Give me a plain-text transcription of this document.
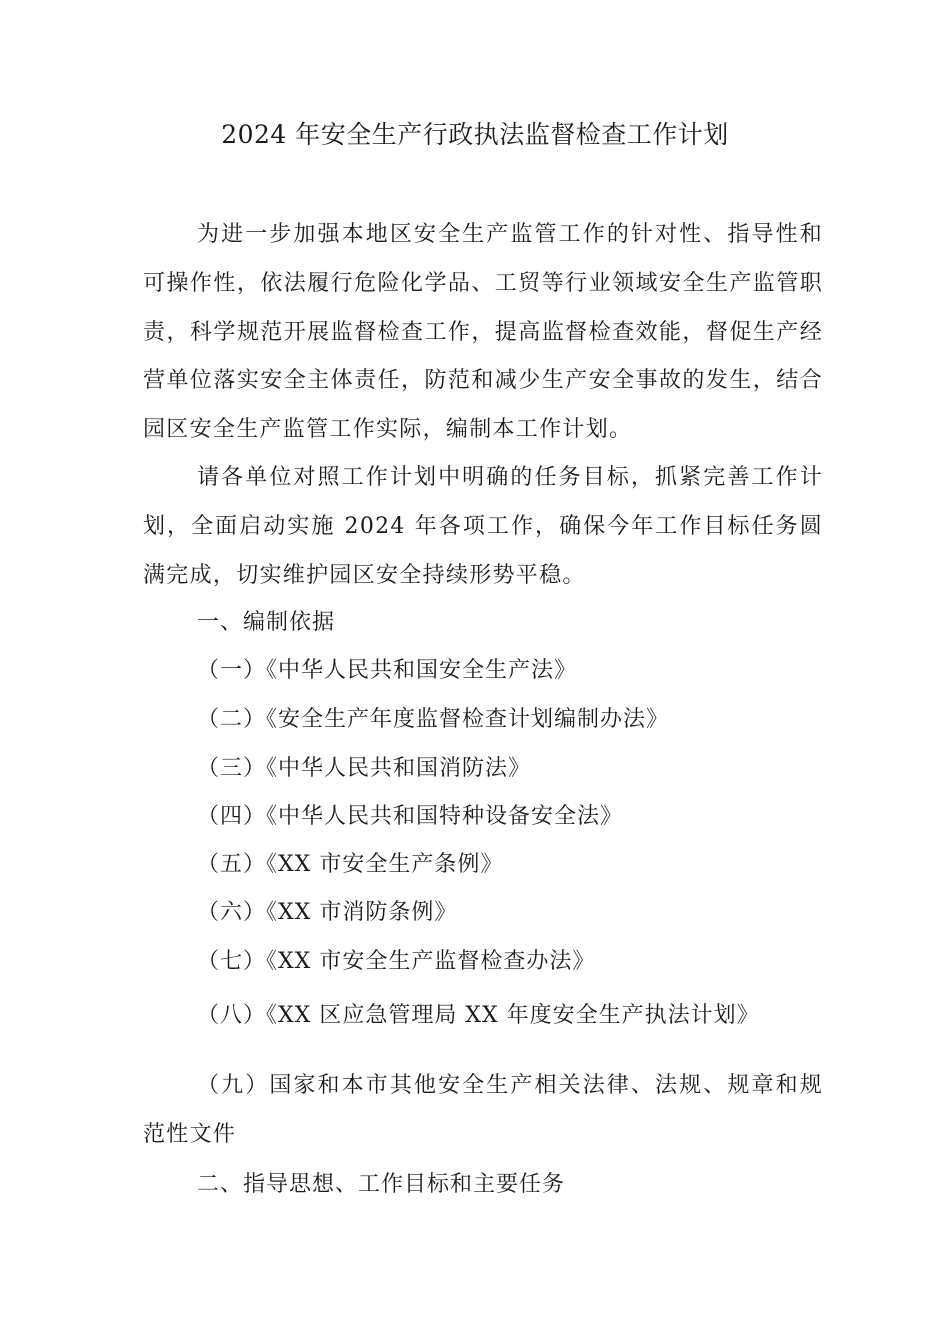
2024 年安全生产行政执法监督检查工作计划
为进一步加强本地区安全生产监管工作的针对性、指导性和可操作性，依法履行危险化学品、工贸等行业领域安全生产监管职责，科学规范开展监督检查工作，提高监督检查效能，督促生产经营单位落实安全主体责任，防范和减少生产安全事故的发生，结合园区安全生产监管工作实际，编制本工作计划。
请各单位对照工作计划中明确的任务目标，抓紧完善工作计划，全面启动实施 2024 年各项工作，确保今年工作目标任务圆满完成，切实维护园区安全持续形势平稳。
一、编制依据
（一）《中华人民共和国安全生产法》
（二）《安全生产年度监督检查计划编制办法》
（三）《中华人民共和国消防法》
（四）《中华人民共和国特种设备安全法》
（五）《XX 市安全生产条例》
（六）《XX 市消防条例》
（七）《XX 市安全生产监督检查办法》
（八）《XX 区应急管理局 XX 年度安全生产执法计划》
（九）国家和本市其他安全生产相关法律、法规、规章和规范性文件
二、指导思想、工作目标和主要任务
